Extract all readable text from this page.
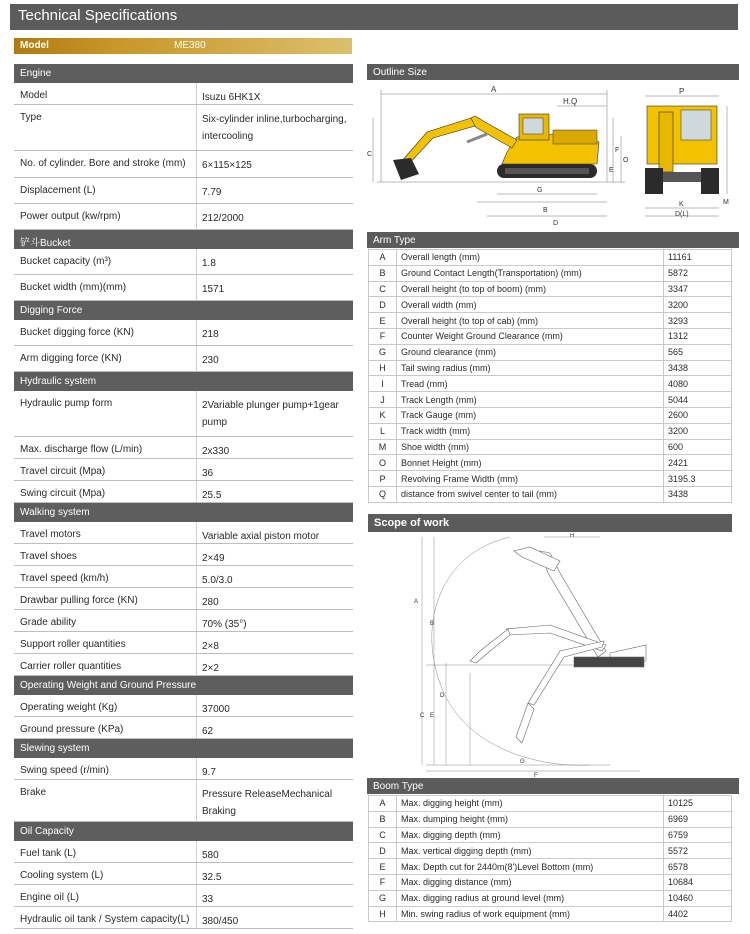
Technical Specifications
Model	ME380
Engine
Model	Isuzu 6HK1X
Type	Six-cylinder inline,turbocharging, intercooling
No. of cylinder. Bore and stroke (mm)	6×115×125
Displacement (L)	7.79
Power output (kw/rpm)	212/2000
铲斗Bucket
Bucket capacity (m³)	1.8
Bucket width (mm)(mm)	1571
Digging Force
Bucket digging force (KN)	218
Arm digging force (KN)	230
Hydraulic system
Hydraulic pump form	2Variable plunger pump+1gear pump
Max. discharge flow (L/min)	2x330
Travel circuit (Mpa)	36
Swing circuit (Mpa)	25.5
Walking system
Travel motors	Variable axial piston motor
Travel shoes	2×49
Travel speed (km/h)	5.0/3.0
Drawbar pulling force (KN)	280
Grade ability	70% (35°)
Support roller quantities	2×8
Carrier roller quantities	2×2
Operating Weight and Ground Pressure
Operating weight (Kg)	37000
Ground pressure (KPa)	62
Slewing system
Swing speed (r/min)	9.7
Brake	Pressure ReleaseMechanical Braking
Oil Capacity
Fuel tank (L)	580
Cooling system (L)	32.5
Engine oil (L)	33
Hydraulic oil tank / System capacity(L)	380/450
Outline Size
A
H.Q
C
F
O
E
G
B
D
P
M
K
D(L)
Arm Type
A	Overall length (mm)	11161
B	Ground Contact Length(Transportation) (mm)	5872
C	Overall height (to top of boom) (mm)	3347
D	Overall width (mm)	3200
E	Overall height (to top of cab) (mm)	3293
F	Counter Weight Ground Clearance (mm)	1312
G	Ground clearance (mm)	565
H	Tail swing radius (mm)	3438
I	Tread (mm)	4080
J	Track Length (mm)	5044
K	Track Gauge (mm)	2600
L	Track width (mm)	3200
M	Shoe width (mm)	600
O	Bonnet Height (mm)	2421
P	Revolving Frame Width (mm)	3195.3
Q	distance from swivel center to tail (mm)	3438
Scope of work
H
A
B
C
D
E
G
F
Boom Type
A	Max. digging height (mm)	10125
B	Max. dumping height (mm)	6969
C	Max. digging depth (mm)	6759
D	Max. vertical digging depth (mm)	5572
E	Max. Depth cut for 2440m(8')Level Bottom (mm)	6578
F	Max. digging distance (mm)	10684
G	Max. digging radius at ground level (mm)	10460
H	Min. swing radius of work equipment (mm)	4402
